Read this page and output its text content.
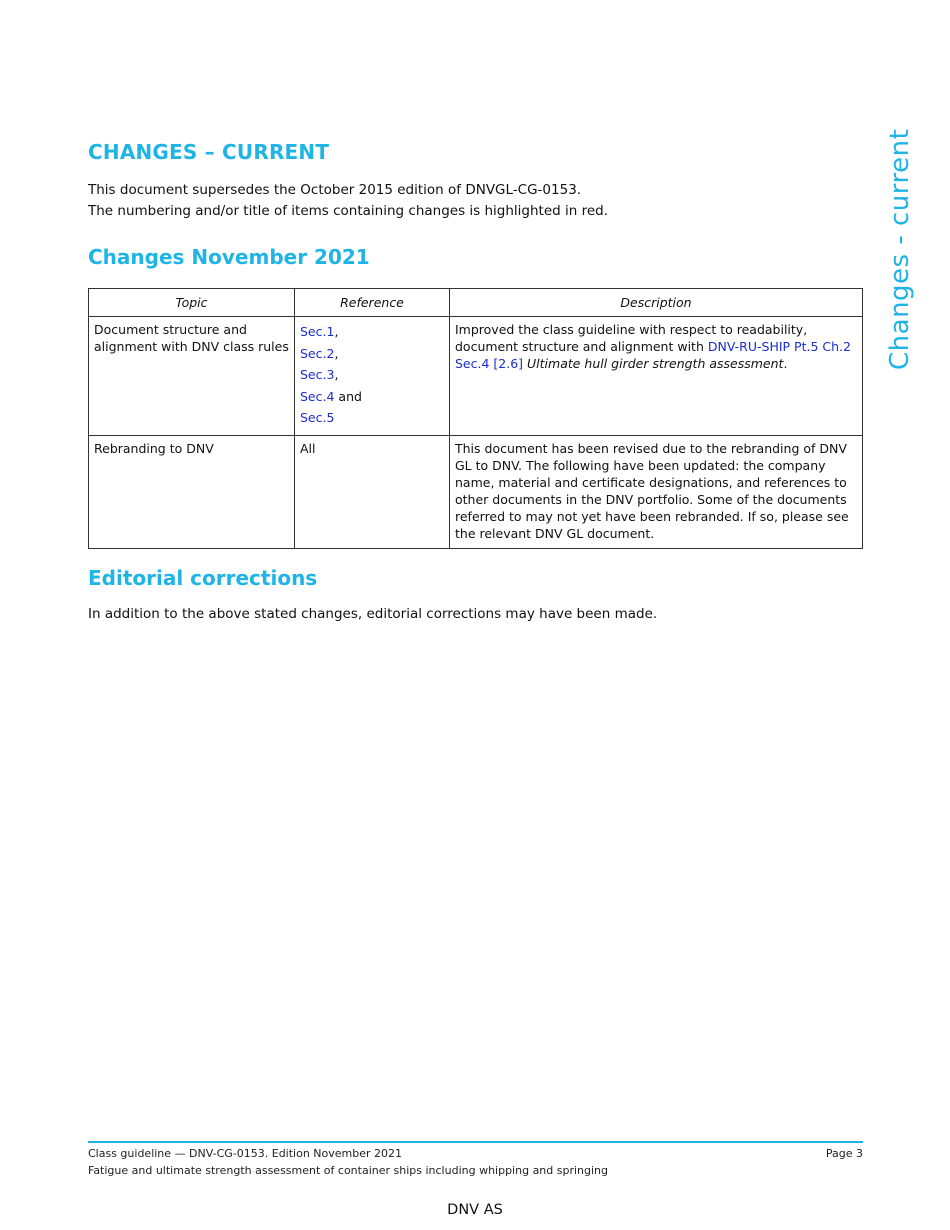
CHANGES – CURRENT
This document supersedes the October 2015 edition of DNVGL-CG-0153.
The numbering and/or title of items containing changes is highlighted in red.	Changes - current
Changes November 2021
Topic	Reference	Description
Document structure and alignment with DNV class rules	Sec.1,
Sec.2,
Sec.3,
Sec.4 and
Sec.5	Improved the class guideline with respect to readability, document structure and alignment with DNV-RU-SHIP Pt.5 Ch.2 Sec.4 [2.6] Ultimate hull girder strength assessment.
Rebranding to DNV	All	This document has been revised due to the rebranding of DNV GL to DNV. The following have been updated: the company name, material and certificate designations, and references to other documents in the DNV portfolio. Some of the documents referred to may not yet have been rebranded. If so, please see the relevant DNV GL document.
Editorial corrections
In addition to the above stated changes, editorial corrections may have been made.
Class guideline — DNV-CG-0153. Edition November 2021	Page 3
Fatigue and ultimate strength assessment of container ships including whipping and springing
DNV AS
